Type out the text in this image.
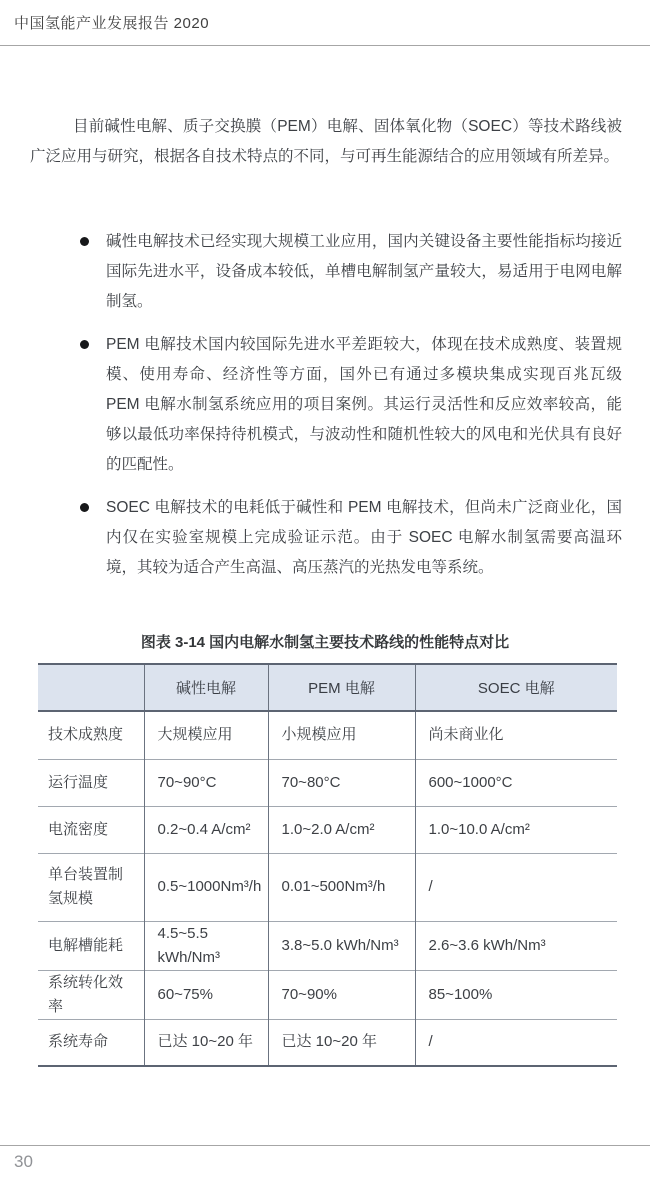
中国氢能产业发展报告 2020

目前碱性电解、质子交换膜（PEM）电解、固体氧化物（SOEC）等技术路线被广泛应用与研究，根据各自技术特点的不同，与可再生能源结合的应用领域有所差异。

碱性电解技术已经实现大规模工业应用，国内关键设备主要性能指标均接近国际先进水平，设备成本较低，单槽电解制氢产量较大，易适用于电网电解制氢。
PEM 电解技术国内较国际先进水平差距较大，体现在技术成熟度、装置规模、使用寿命、经济性等方面，国外已有通过多模块集成实现百兆瓦级 PEM 电解水制氢系统应用的项目案例。其运行灵活性和反应效率较高，能够以最低功率保持待机模式，与波动性和随机性较大的风电和光伏具有良好的匹配性。
SOEC 电解技术的电耗低于碱性和 PEM 电解技术，但尚未广泛商业化，国内仅在实验室规模上完成验证示范。由于 SOEC 电解水制氢需要高温环境，其较为适合产生高温、高压蒸汽的光热发电等系统。
图表 3-14 国内电解水制氢主要技术路线的性能特点对比
	碱性电解	PEM 电解	SOEC 电解
技术成熟度	大规模应用	小规模应用	尚未商业化
运行温度	70~90°C	70~80°C	600~1000°C
电流密度	0.2~0.4 A/cm²	1.0~2.0 A/cm²	1.0~10.0 A/cm²
单台装置制氢规模	0.5~1000Nm³/h	0.01~500Nm³/h	/
电解槽能耗	4.5~5.5 kWh/Nm³	3.8~5.0 kWh/Nm³	2.6~3.6 kWh/Nm³
系统转化效率	60~75%	70~90%	85~100%
系统寿命	已达 10~20 年	已达 10~20 年	/
30
